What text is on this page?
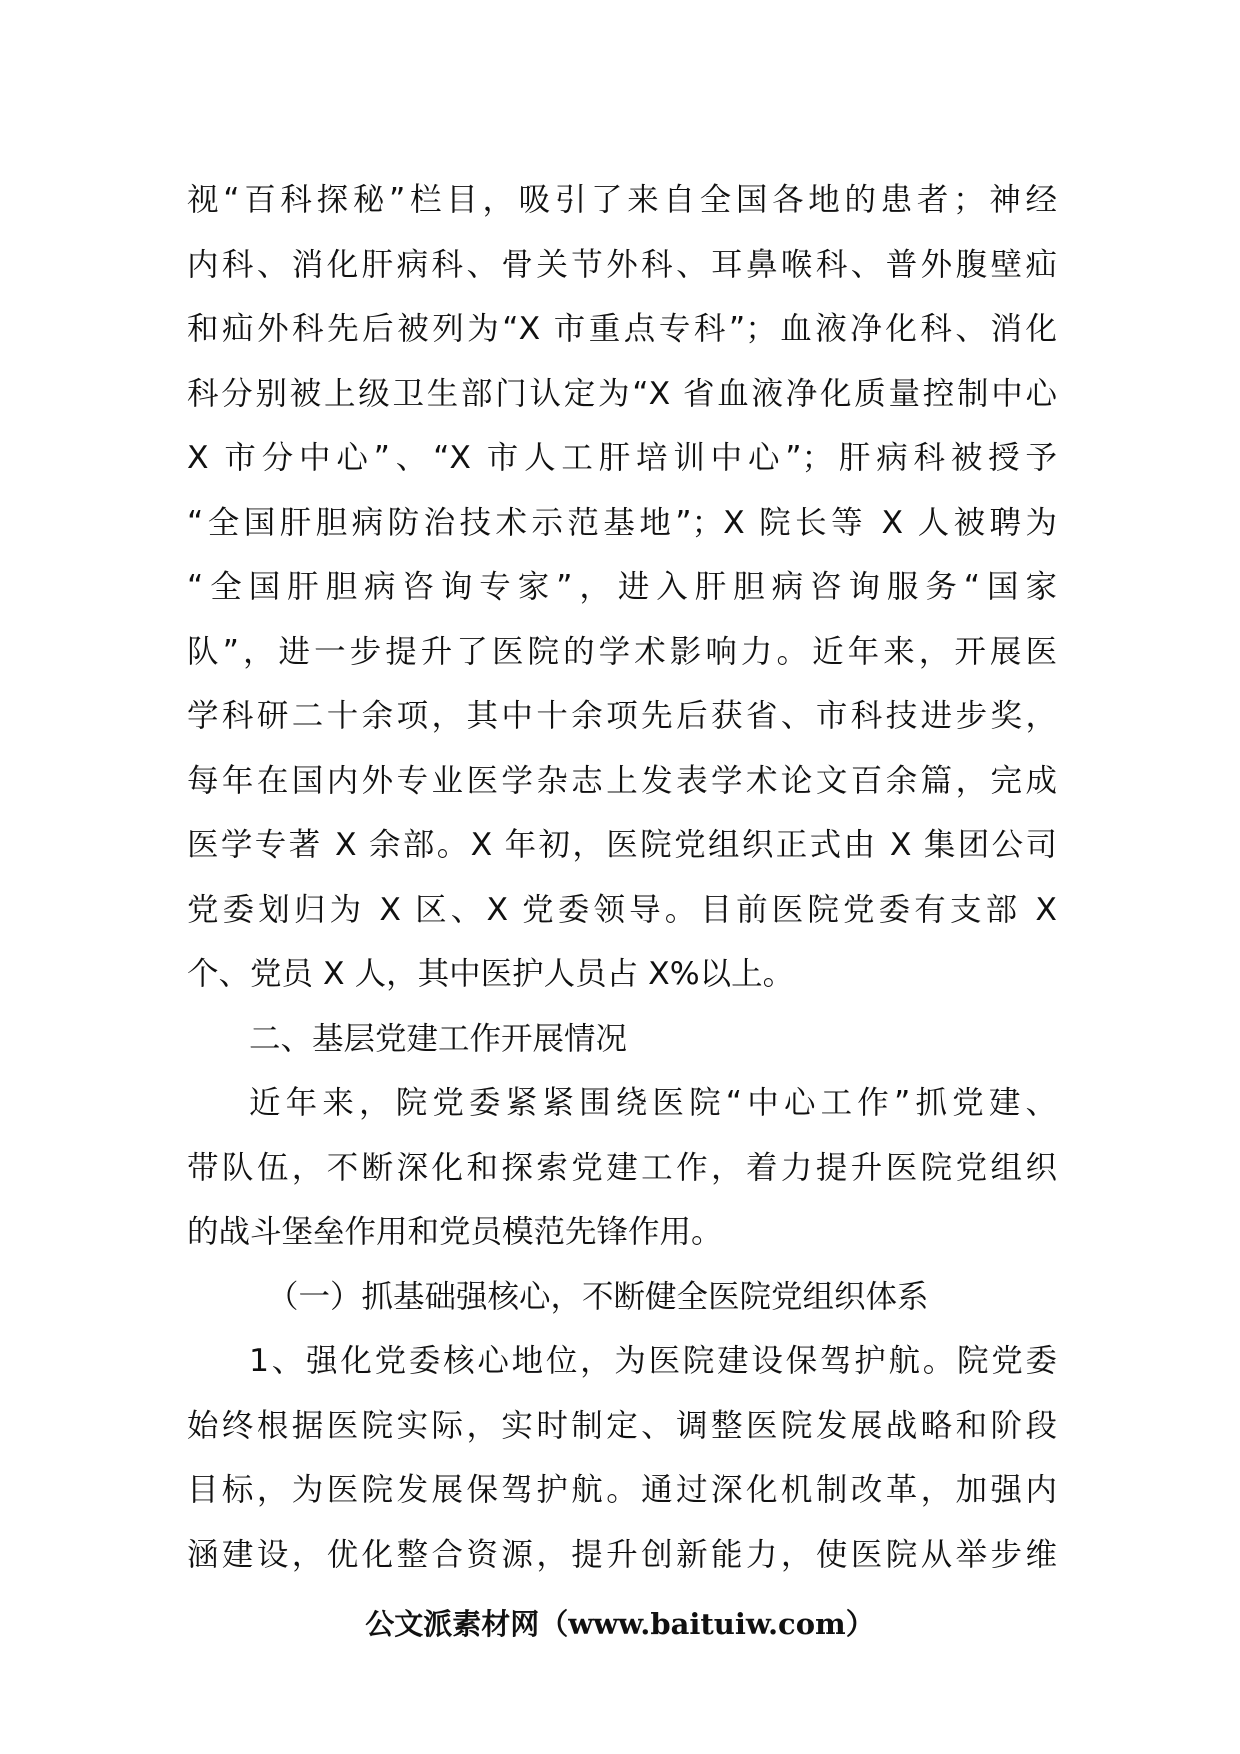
视“百科探秘”栏目，吸引了来自全国各地的患者；神经
内科、消化肝病科、骨关节外科、耳鼻喉科、普外腹壁疝
和疝外科先后被列为“X 市重点专科”；血液净化科、消化
科分别被上级卫生部门认定为“X 省血液净化质量控制中心
X 市分中心”、“X 市人工肝培训中心”；肝病科被授予
“全国肝胆病防治技术示范基地”；X 院长等 X 人被聘为
“全国肝胆病咨询专家”，进入肝胆病咨询服务“国家
队”，进一步提升了医院的学术影响力。近年来，开展医
学科研二十余项，其中十余项先后获省、市科技进步奖，
每年在国内外专业医学杂志上发表学术论文百余篇，完成
医学专著 X 余部。X 年初，医院党组织正式由 X 集团公司
党委划归为 X 区、X 党委领导。目前医院党委有支部 X
个、党员 X 人，其中医护人员占 X%以上。
二、基层党建工作开展情况
近年来，院党委紧紧围绕医院“中心工作”抓党建、
带队伍，不断深化和探索党建工作，着力提升医院党组织
的战斗堡垒作用和党员模范先锋作用。
（一）抓基础强核心，不断健全医院党组织体系
1、强化党委核心地位，为医院建设保驾护航。院党委
始终根据医院实际，实时制定、调整医院发展战略和阶段
目标，为医院发展保驾护航。通过深化机制改革，加强内
涵建设，优化整合资源，提升创新能力，使医院从举步维
公文派素材网（www.baituiw.com）
